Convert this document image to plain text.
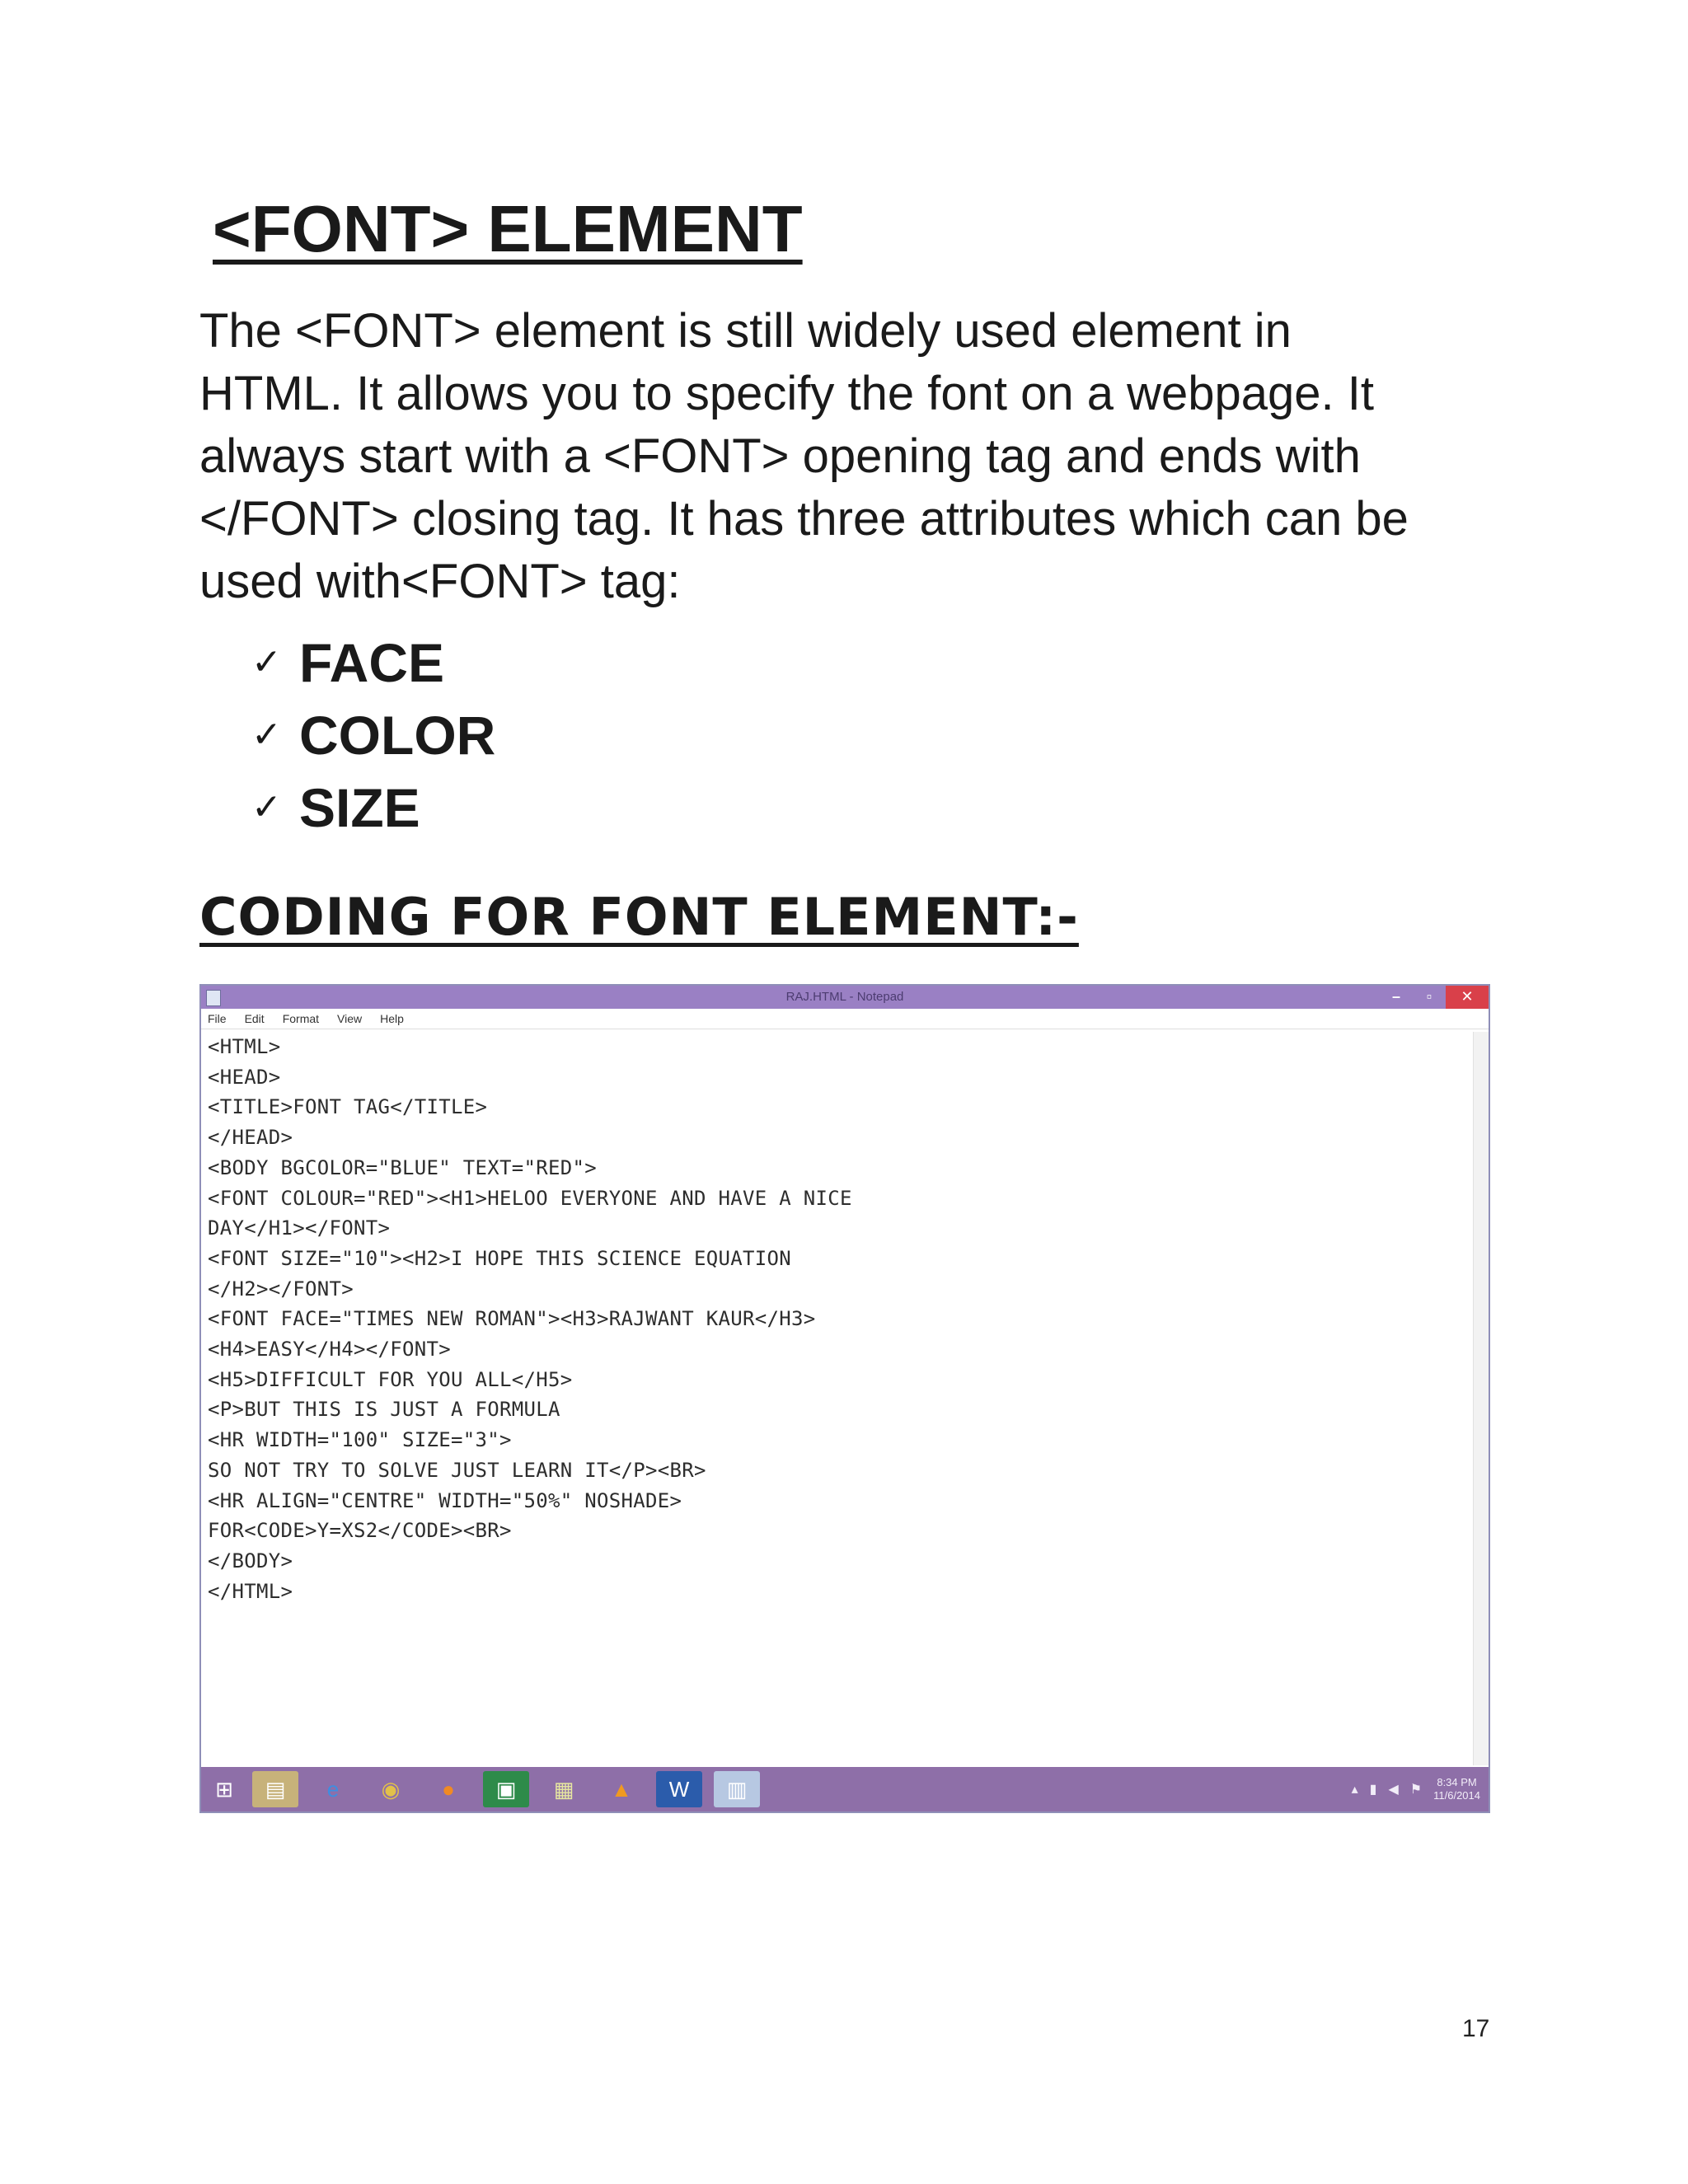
<FONT> ELEMENT

The <FONT> element is still widely used element in
HTML. It allows you to specify the font on a webpage. It
always start with a <FONT> opening tag and ends with
</FONT> closing tag. It has three attributes which can be
used with<FONT> tag:

✓ FACE
✓ COLOR
✓ SIZE
CODING FOR FONT ELEMENT:-
RAJ.HTML - Notepad	–	▫	✕
File Edit Format View Help
<HTML>
<HEAD>
<TITLE>FONT TAG</TITLE>
</HEAD>
<BODY BGCOLOR="BLUE" TEXT="RED">
<FONT COLOUR="RED"><H1>HELOO EVERYONE AND HAVE A NICE
DAY</H1></FONT>
<FONT SIZE="10"><H2>I HOPE THIS SCIENCE EQUATION
</H2></FONT>
<FONT FACE="TIMES NEW ROMAN"><H3>RAJWANT KAUR</H3>
<H4>EASY</H4></FONT>
<H5>DIFFICULT FOR YOU ALL</H5>
<P>BUT THIS IS JUST A FORMULA
<HR WIDTH="100" SIZE="3">
SO NOT TRY TO SOLVE JUST LEARN IT</P><BR>
<HR ALIGN="CENTRE" WIDTH="50%" NOSHADE>
FOR<CODE>Y=XS2</CODE><BR>
</BODY>
</HTML>
⊞	▤	e	◉	●	▣	▦	▲	W	▥	▴ ▮ ◀ ⚑
8:34 PM
11/6/2014
17
